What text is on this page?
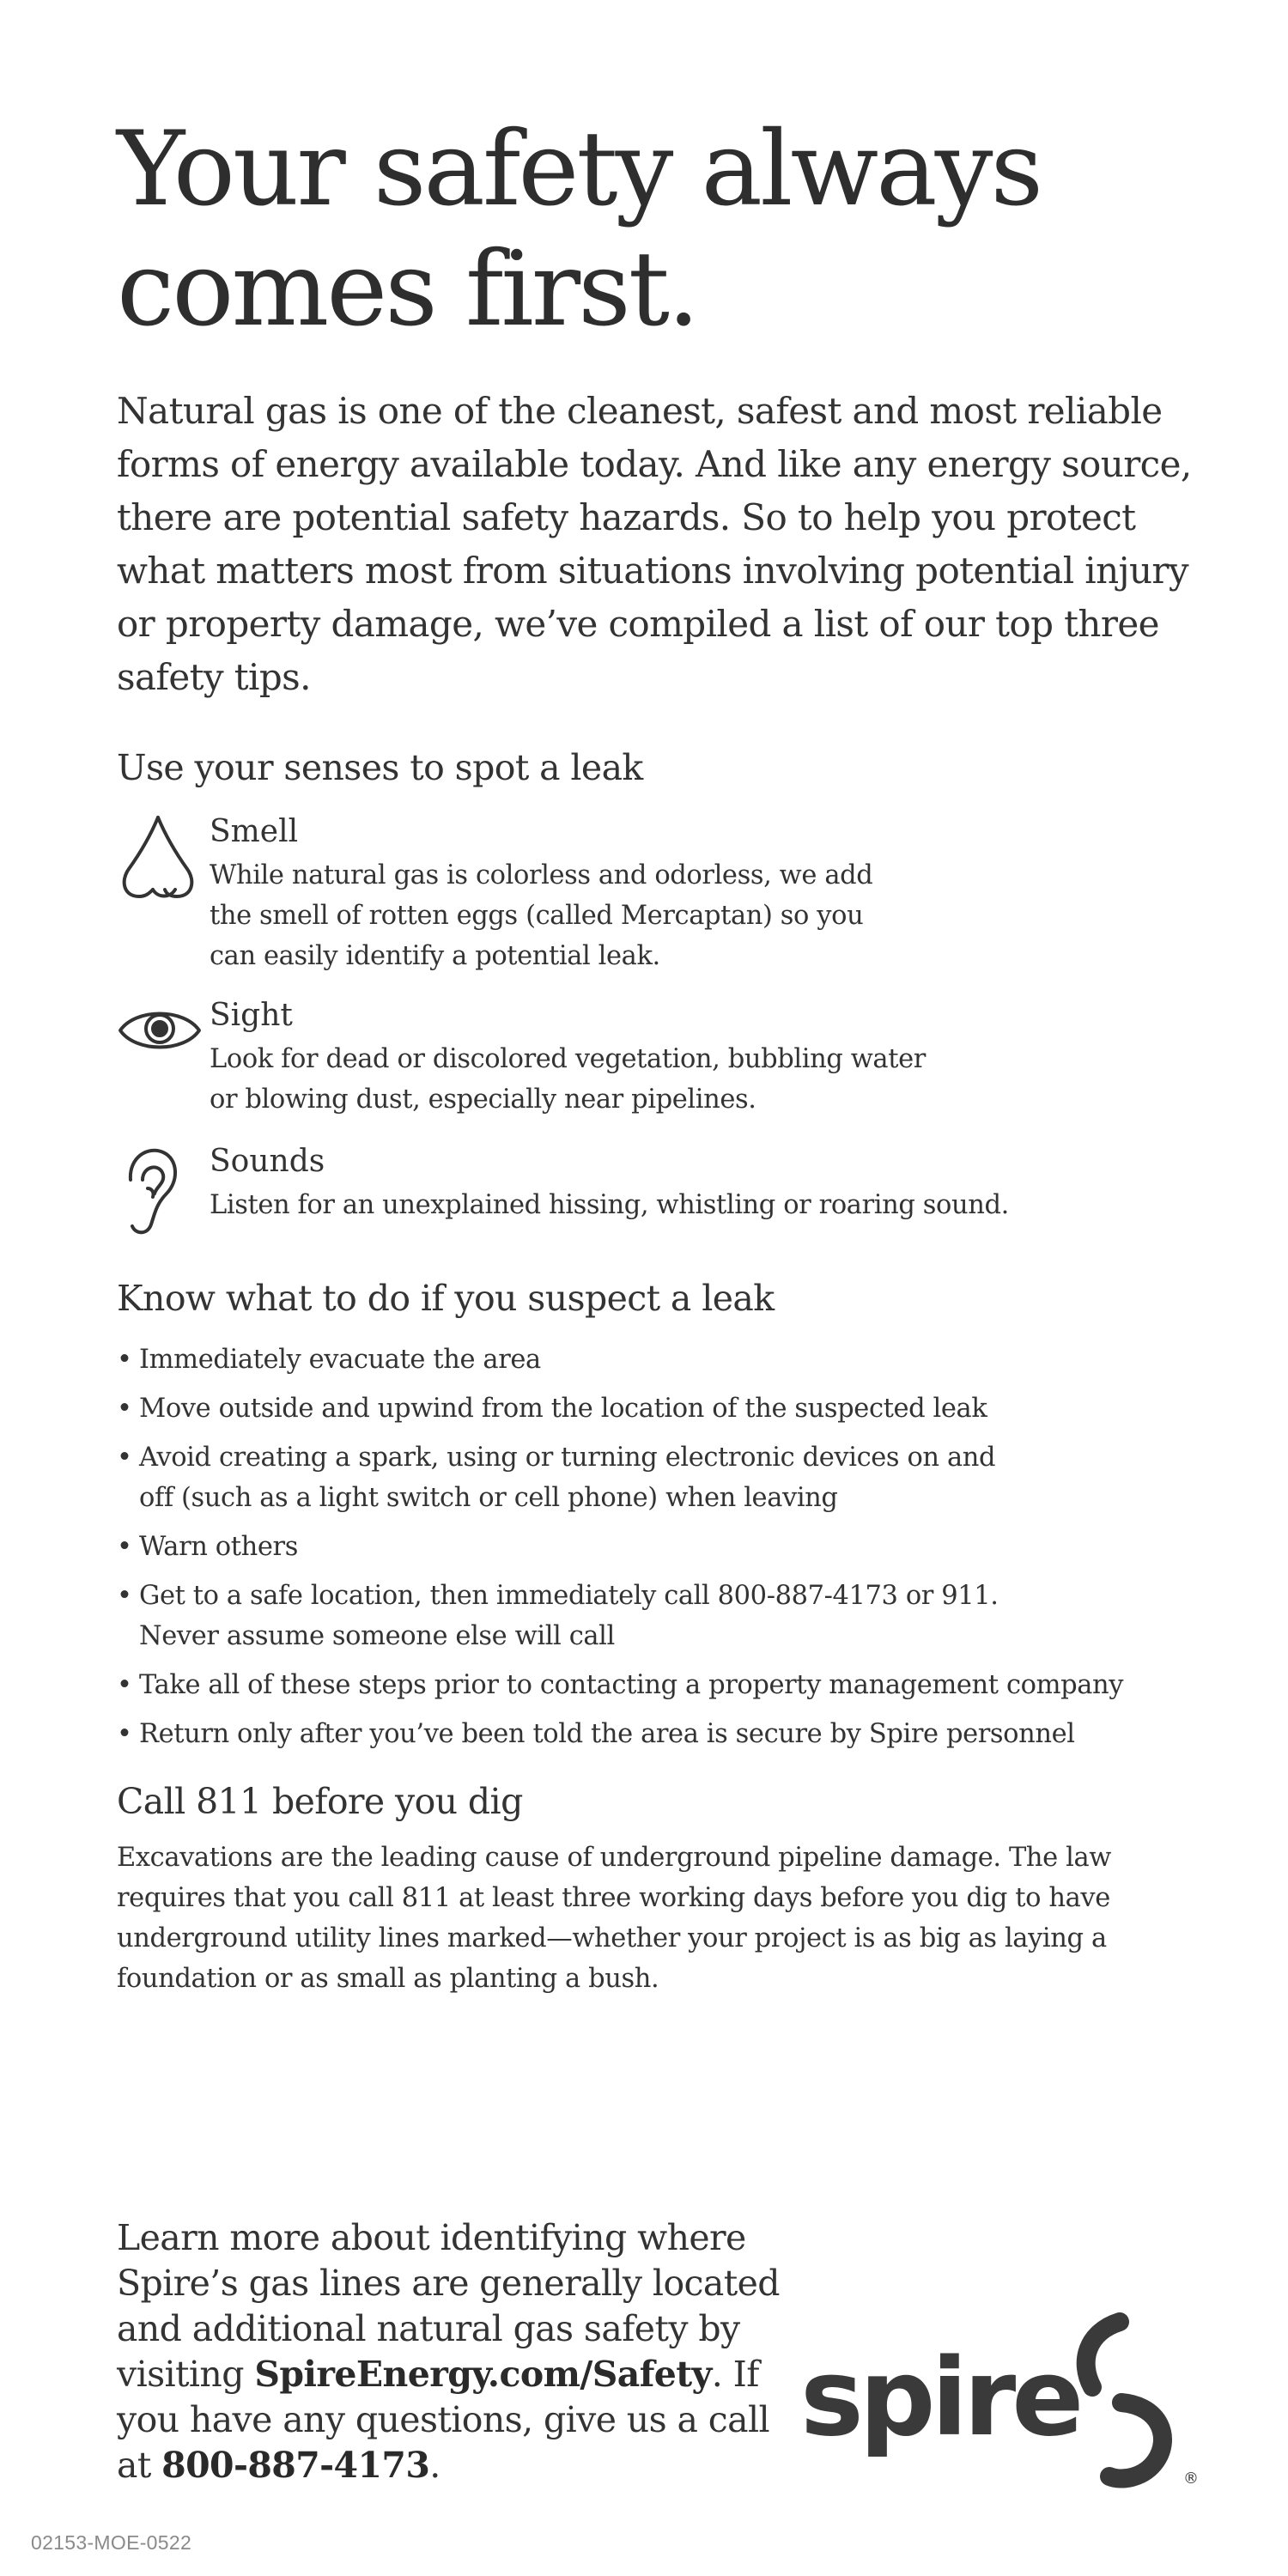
Your safety always
comes first.

Natural gas is one of the cleanest, safest and most reliable forms of energy available today. And like any energy source, there are potential safety hazards. So to help you protect what matters most from situations involving potential injury or property damage, we’ve compiled a list of our top three safety tips.

Use your senses to spot a leak

Smell

While natural gas is colorless and odorless, we add
the smell of rotten eggs (called Mercaptan) so you
can easily identify a potential leak.

Sight

Look for dead or discolored vegetation, bubbling water
or blowing dust, especially near pipelines.

Sounds

Listen for an unexplained hissing, whistling or roaring sound.

Know what to do if you suspect a leak
• Immediately evacuate the area
• Move outside and upwind from the location of the suspected leak
• Avoid creating a spark, using or turning electronic devices on and
off (such as a light switch or cell phone) when leaving
• Warn others
• Get to a safe location, then immediately call 800-887-4173 or 911.
Never assume someone else will call
• Take all of these steps prior to contacting a property management company
• Return only after you’ve been told the area is secure by Spire personnel
Call 811 before you dig

Excavations are the leading cause of underground pipeline damage. The law
requires that you call 811 at least three working days before you dig to have
underground utility lines marked—whether your project is as big as laying a
foundation or as small as planting a bush.

Learn more about identifying where Spire’s gas lines are generally located and additional natural gas safety by visiting SpireEnergy.com/Safety. If you have any questions, give us a call at 800-887-4173.

spire
®
02153-MOE-0522
